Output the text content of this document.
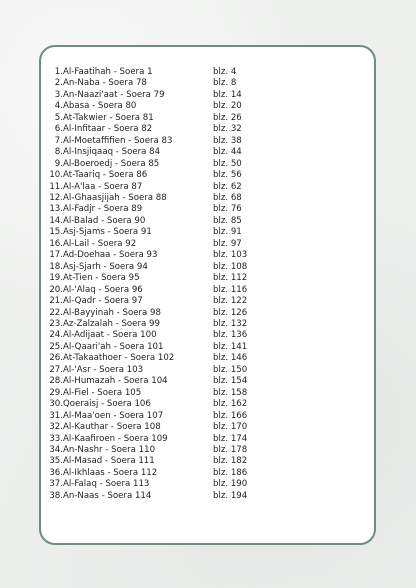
1. Al-Faatihah - Soera 1	blz. 4
2. An-Naba - Soera 78	blz. 8
3. An-Naazi'aat - Soera 79	blz. 14
4. Abasa - Soera 80	blz. 20
5. At-Takwier - Soera 81	blz. 26
6. Al-Infitaar - Soera 82	blz. 32
7. Al-Moetaffifien - Soera 83	blz. 38
8. Al-Insjiqaaq - Soera 84	blz. 44
9. Al-Boeroedj - Soera 85	blz. 50
10. At-Taariq - Soera 86	blz. 56
11. Al-A'laa - Soera 87	blz. 62
12. Al-Ghaasjijah - Soera 88	blz. 68
13. Al-Fadjr - Soera 89	blz. 76
14. Al-Balad - Soera 90	blz. 85
15. Asj-Sjams - Soera 91	blz. 91
16. Al-Lail - Soera 92	blz. 97
17. Ad-Doehaa - Soera 93	blz. 103
18. Asj-Sjarh - Soera 94	blz. 108
19. At-Tien - Soera 95	blz. 112
20. Al-'Alaq - Soera 96	blz. 116
21. Al-Qadr - Soera 97	blz. 122
22. Al-Bayyinah - Soera 98	blz. 126
23. Az-Zalzalah - Soera 99	blz. 132
24. Al-Adijaat - Soera 100	blz. 136
25. Al-Qaari'ah - Soera 101	blz. 141
26. At-Takaathoer - Soera 102	blz. 146
27. Al-'Asr - Soera 103	blz. 150
28. Al-Humazah - Soera 104	blz. 154
29. Al-Fiel - Soera 105	blz. 158
30. Qoeraisj - Soera 106	blz. 162
31. Al-Maa'oen - Soera 107	blz. 166
32. Al-Kauthar - Soera 108	blz. 170
33. Al-Kaafiroen - Soera 109	blz. 174
34. An-Nashr - Soera 110	blz. 178
35. Al-Masad - Soera 111	blz. 182
36. Al-Ikhlaas - Soera 112	blz. 186
37. Al-Falaq - Soera 113	blz. 190
38. An-Naas - Soera 114	blz. 194
